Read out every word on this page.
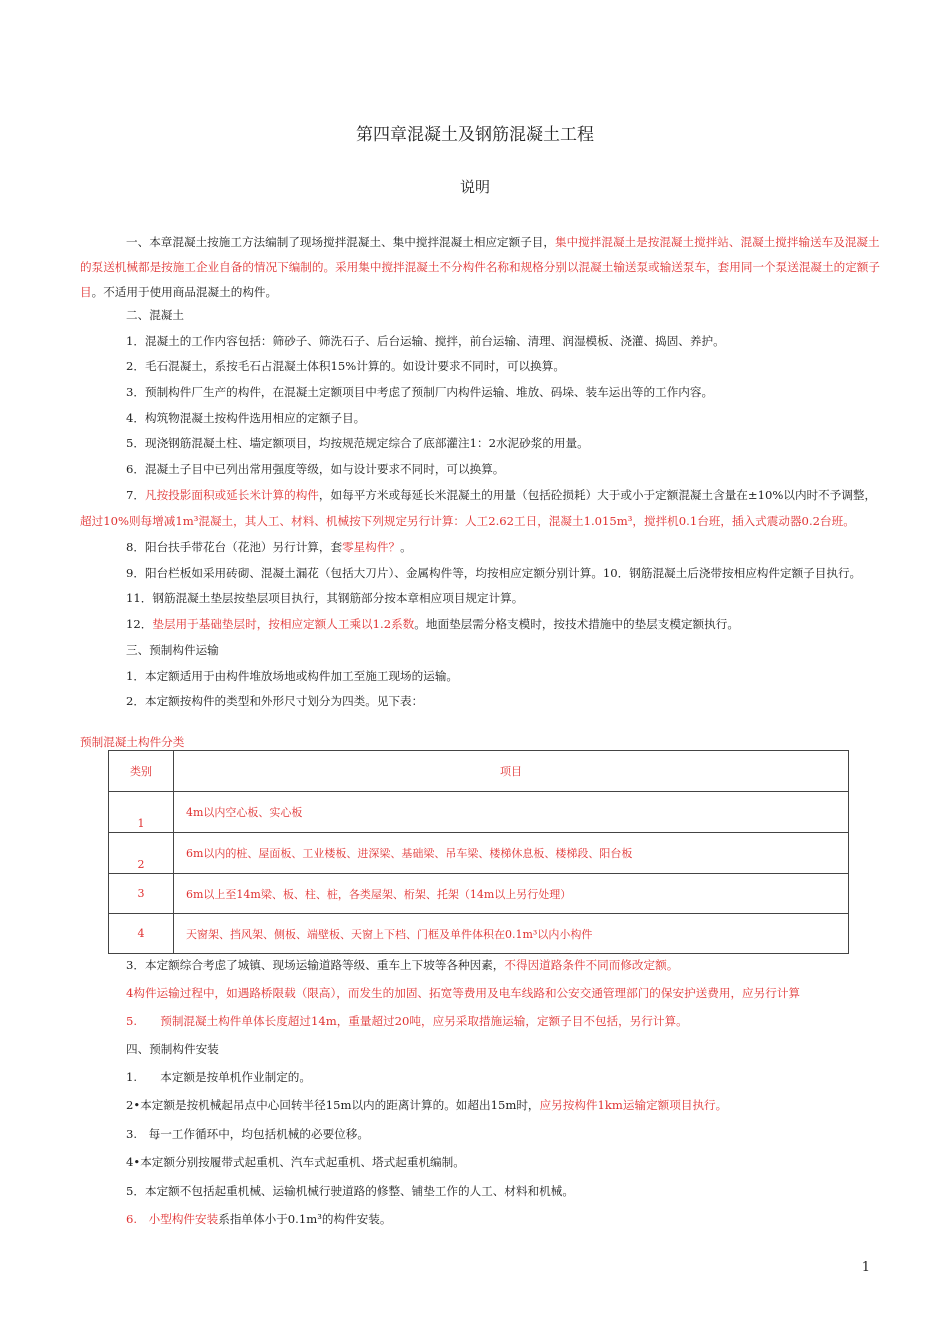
第四章混凝土及钢筋混凝土工程
说明
一、本章混凝土按施工方法编制了现场搅拌混凝土、集中搅拌混凝土相应定额子目，集中搅拌混凝土是按混凝土搅拌站、混凝土搅拌输送车及混凝土的泵送机械都是按施工企业自备的情况下编制的。采用集中搅拌混凝土不分构件名称和规格分别以混凝土输送泵或输送泵车，套用同一个泵送混凝土的定额子目。不适用于使用商品混凝土的构件。
二、混凝土
1．混凝土的工作内容包括：筛砂子、筛洗石子、后台运输、搅拌，前台运输、清理、润湿模板、浇灌、捣固、养护。
2．毛石混凝土，系按毛石占混凝土体积15%计算的。如设计要求不同时，可以换算。
3．预制构件厂生产的构件，在混凝土定额项目中考虑了预制厂内构件运输、堆放、码垛、装车运出等的工作内容。
4．构筑物混凝土按构件选用相应的定额子目。
5．现浇钢筋混凝土柱、墙定额项目，均按规范规定综合了底部灌注1：2水泥砂浆的用量。
6．混凝土子目中已列出常用强度等级，如与设计要求不同时，可以换算。
7．凡按投影面积或延长米计算的构件，如每平方米或每延长米混凝土的用量（包括砼损耗）大于或小于定额混凝土含量在±10%以内时不予调整，
超过10%则每增减1m³混凝土，其人工、材料、机械按下列规定另行计算：人工2.62工日，混凝土1.015m³，搅拌机0.1台班，插入式震动器0.2台班。
8．阳台扶手带花台（花池）另行计算，套零星构件？。
9．阳台栏板如采用砖砌、混凝土漏花（包括大刀片）、金属构件等，均按相应定额分别计算。10．钢筋混凝土后浇带按相应构件定额子目执行。
11．钢筋混凝土垫层按垫层项目执行，其钢筋部分按本章相应项目规定计算。
12．垫层用于基础垫层时，按相应定额人工乘以1.2系数。地面垫层需分格支模时，按技术措施中的垫层支模定额执行。
三、预制构件运输
1．本定额适用于由构件堆放场地或构件加工至施工现场的运输。
2．本定额按构件的类型和外形尺寸划分为四类。见下表：
预制混凝土构件分类
类别	项目
1	4m以内空心板、实心板
2	6m以内的桩、屋面板、工业楼板、进深梁、基础梁、吊车梁、楼梯休息板、楼梯段、阳台板
3	6m以上至14m梁、板、柱、桩，各类屋架、桁架、托架（14m以上另行处理）
4	天窗架、挡风架、侧板、端壁板、天窗上下档、门框及单件体积在0.1m³以内小构件
3．本定额综合考虑了城镇、现场运输道路等级、重车上下坡等各种因素，不得因道路条件不同而修改定额。
4构件运输过程中，如遇路桥限载（限高），而发生的加固、拓宽等费用及电车线路和公安交通管理部门的保安护送费用，应另行计算
5.　　预制混凝土构件单体长度超过14m，重量超过20吨，应另采取措施运输，定额子目不包括，另行计算。
四、预制构件安装
1.　　本定额是按单机作业制定的。
2•本定额是按机械起吊点中心回转半径15m以内的距离计算的。如超出15m时，应另按构件1km运输定额项目执行。
3.　每一工作循环中，均包括机械的必要位移。
4•本定额分别按履带式起重机、汽车式起重机、塔式起重机编制。
5．本定额不包括起重机械、运输机械行驶道路的修整、铺垫工作的人工、材料和机械。
6.　小型构件安装系指单体小于0.1m³的构件安装。
1
